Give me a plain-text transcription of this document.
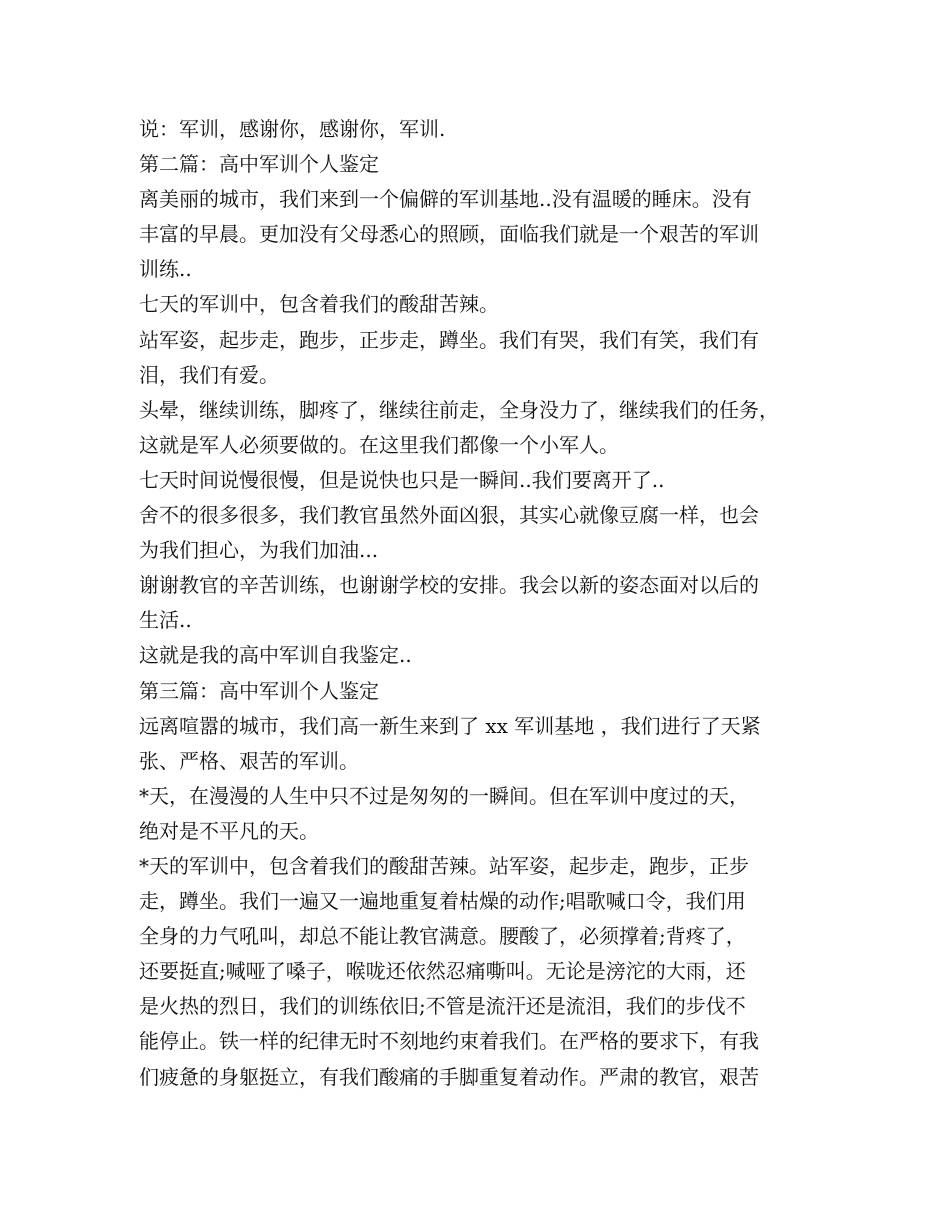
说：军训，感谢你，感谢你，军训.
第二篇：高中军训个人鉴定
离美丽的城市，我们来到一个偏僻的军训基地..没有温暖的睡床。没有
丰富的早晨。更加没有父母悉心的照顾，面临我们就是一个艰苦的军训
训练..
七天的军训中，包含着我们的酸甜苦辣。
站军姿，起步走，跑步，正步走，蹲坐。我们有哭，我们有笑，我们有
泪，我们有爱。
头晕，继续训练，脚疼了，继续往前走，全身没力了，继续我们的任务，
这就是军人必须要做的。在这里我们都像一个小军人。
七天时间说慢很慢，但是说快也只是一瞬间..我们要离开了..
舍不的很多很多，我们教官虽然外面凶狠，其实心就像豆腐一样，也会
为我们担心，为我们加油...
谢谢教官的辛苦训练，也谢谢学校的安排。我会以新的姿态面对以后的
生活..
这就是我的高中军训自我鉴定..
第三篇：高中军训个人鉴定
远离喧嚣的城市，我们高一新生来到了 xx 军训基地 ，我们进行了天紧
张、严格、艰苦的军训。
*天，在漫漫的人生中只不过是匆匆的一瞬间。但在军训中度过的天，
绝对是不平凡的天。
*天的军训中，包含着我们的酸甜苦辣。站军姿，起步走，跑步，正步
走，蹲坐。我们一遍又一遍地重复着枯燥的动作;唱歌喊口令，我们用
全身的力气吼叫，却总不能让教官满意。腰酸了，必须撑着;背疼了，
还要挺直;喊哑了嗓子，喉咙还依然忍痛嘶叫。无论是滂沱的大雨，还
是火热的烈日，我们的训练依旧;不管是流汗还是流泪，我们的步伐不
能停止。铁一样的纪律无时不刻地约束着我们。在严格的要求下，有我
们疲惫的身躯挺立，有我们酸痛的手脚重复着动作。严肃的教官，艰苦
